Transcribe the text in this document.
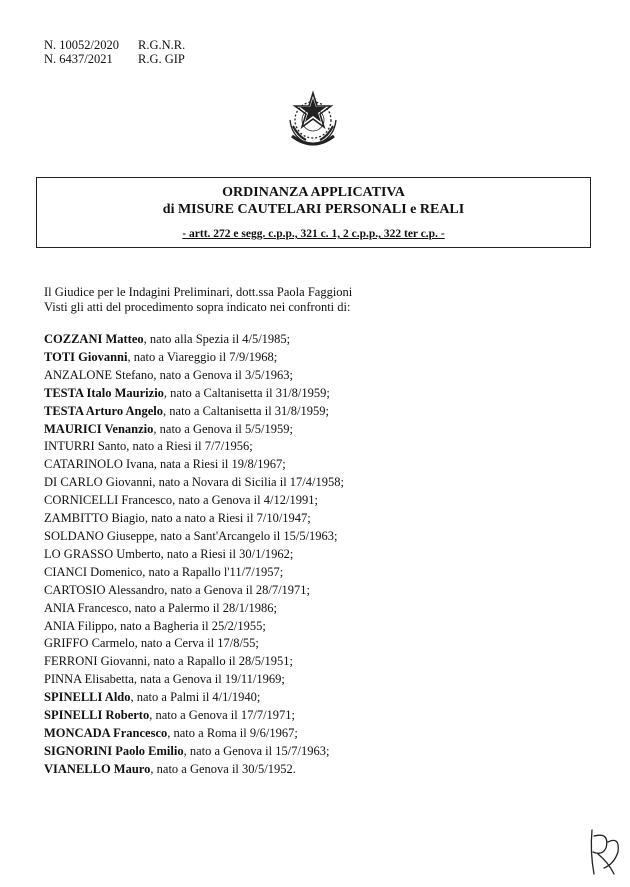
N. 10052/2020	R.G.N.R.
N. 6437/2021	R.G. GIP
ORDINANZA APPLICATIVA
di MISURE CAUTELARI PERSONALI e REALI
- artt. 272 e segg. c.p.p., 321 c. 1, 2 c.p.p., 322 ter c.p. -
Il Giudice per le Indagini Preliminari, dott.ssa Paola Faggioni
Visti gli atti del procedimento sopra indicato nei confronti di:
COZZANI Matteo, nato alla Spezia il 4/5/1985;
TOTI Giovanni, nato a Viareggio il 7/9/1968;
ANZALONE Stefano, nato a Genova il 3/5/1963;
TESTA Italo Maurizio, nato a Caltanisetta il 31/8/1959;
TESTA Arturo Angelo, nato a Caltanisetta il 31/8/1959;
MAURICI Venanzio, nato a Genova il 5/5/1959;
INTURRI Santo, nato a Riesi il 7/7/1956;
CATARINOLO Ivana, nata a Riesi il 19/8/1967;
DI CARLO Giovanni, nato a Novara di Sicilia il 17/4/1958;
CORNICELLI Francesco, nato a Genova il 4/12/1991;
ZAMBITTO Biagio, nato a nato a Riesi il 7/10/1947;
SOLDANO Giuseppe, nato a Sant'Arcangelo il 15/5/1963;
LO GRASSO Umberto, nato a Riesi il 30/1/1962;
CIANCI Domenico, nato a Rapallo l'11/7/1957;
CARTOSIO Alessandro, nato a Genova il 28/7/1971;
ANIA Francesco, nato a Palermo il 28/1/1986;
ANIA Filippo, nato a Bagheria il 25/2/1955;
GRIFFO Carmelo, nato a Cerva il 17/8/55;
FERRONI Giovanni, nato a Rapallo il 28/5/1951;
PINNA Elisabetta, nata a Genova il 19/11/1969;
SPINELLI Aldo, nato a Palmi il 4/1/1940;
SPINELLI Roberto, nato a Genova il 17/7/1971;
MONCADA Francesco, nato a Roma il 9/6/1967;
SIGNORINI Paolo Emilio, nato a Genova il 15/7/1963;
VIANELLO Mauro, nato a Genova il 30/5/1952.
